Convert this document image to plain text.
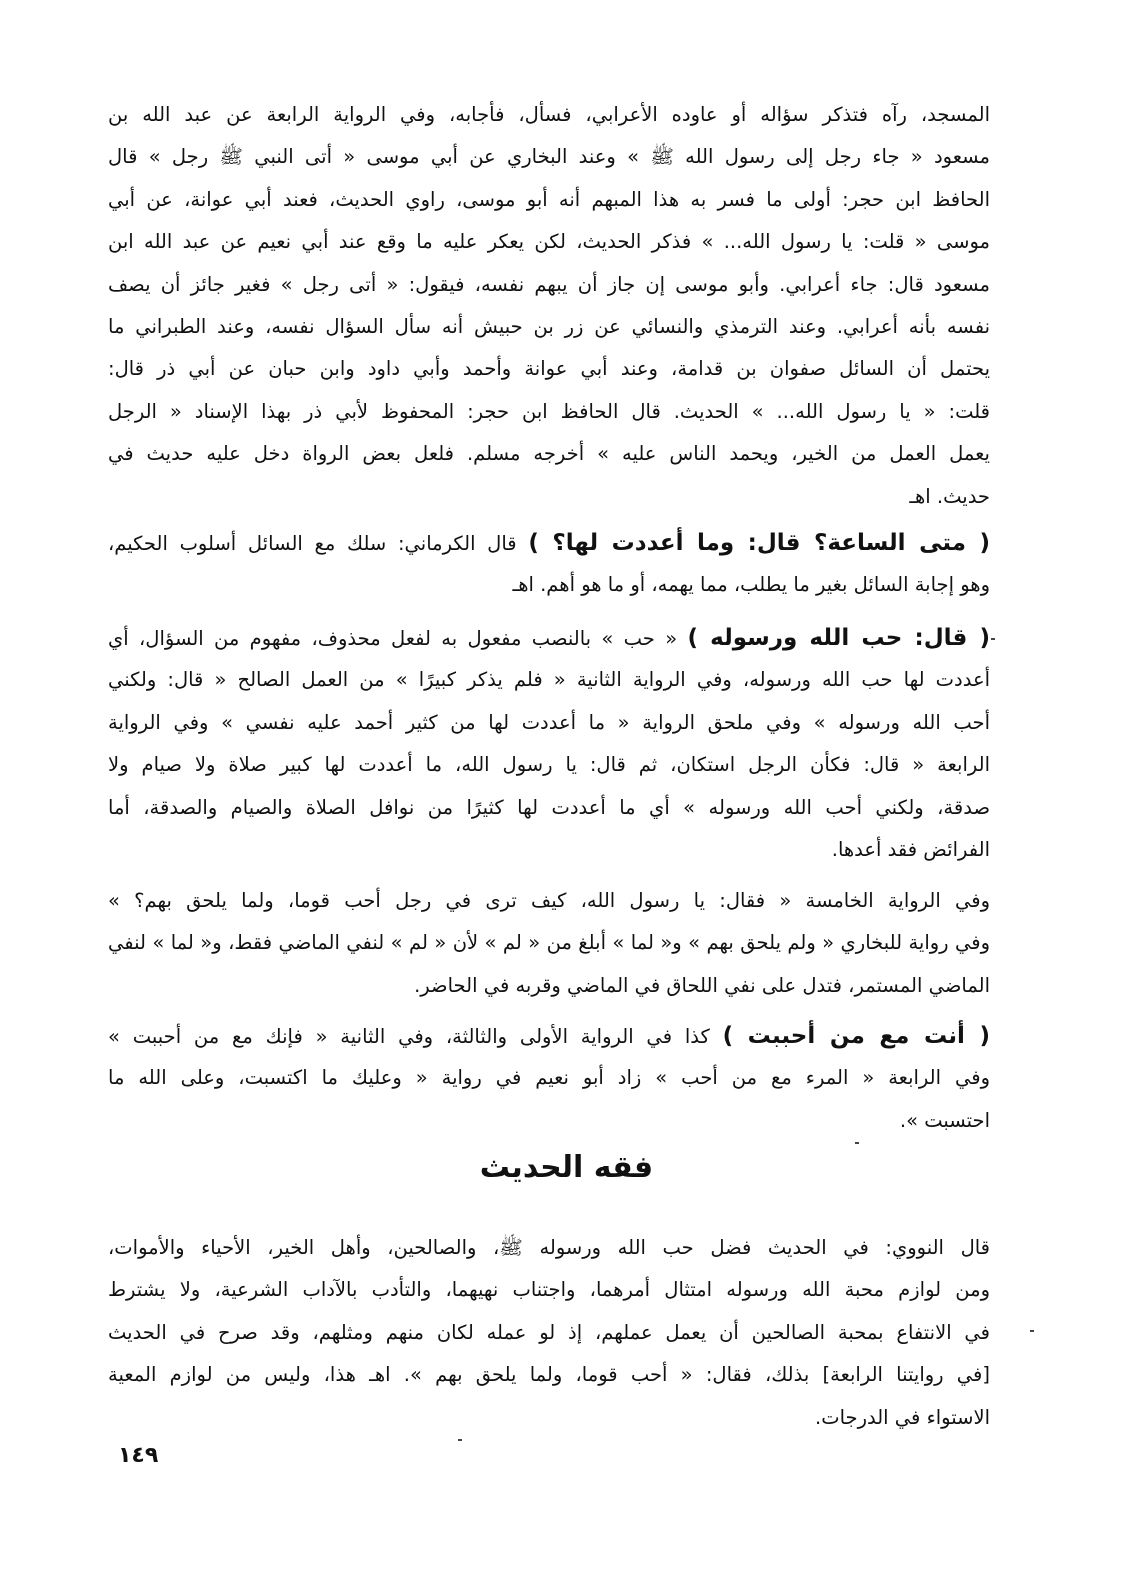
المسجد، رآه فتذكر سؤاله أو عاوده الأعرابي، فسأل، فأجابه، وفي الرواية الرابعة عن عبد الله بن
مسعود « جاء رجل إلى رسول الله ﷺ » وعند البخاري عن أبي موسى « أتى النبي ﷺ رجل » قال
الحافظ ابن حجر: أولى ما فسر به هذا المبهم أنه أبو موسى، راوي الحديث، فعند أبي عوانة، عن أبي
موسى « قلت: يا رسول الله... » فذكر الحديث، لكن يعكر عليه ما وقع عند أبي نعيم عن عبد الله ابن
مسعود قال: جاء أعرابي. وأبو موسى إن جاز أن يبهم نفسه، فيقول: « أتى رجل » فغير جائز أن يصف
نفسه بأنه أعرابي. وعند الترمذي والنسائي عن زر بن حبيش أنه سأل السؤال نفسه، وعند الطبراني ما
يحتمل أن السائل صفوان بن قدامة، وعند أبي عوانة وأحمد وأبي داود وابن حبان عن أبي ذر قال:
قلت: « يا رسول الله... » الحديث. قال الحافظ ابن حجر: المحفوظ لأبي ذر بهذا الإسناد « الرجل
يعمل العمل من الخير، ويحمد الناس عليه » أخرجه مسلم. فلعل بعض الرواة دخل عليه حديث في
حديث. اهـ
( متى الساعة؟ قال: وما أعددت لها؟ ) قال الكرماني: سلك مع السائل أسلوب الحكيم،
وهو إجابة السائل بغير ما يطلب، مما يهمه، أو ما هو أهم. اهـ
( قال: حب الله ورسوله ) « حب » بالنصب مفعول به لفعل محذوف، مفهوم من السؤال، أي
أعددت لها حب الله ورسوله، وفي الرواية الثانية « فلم يذكر كبيرًا » من العمل الصالح « قال: ولكني
أحب الله ورسوله » وفي ملحق الرواية « ما أعددت لها من كثير أحمد عليه نفسي » وفي الرواية
الرابعة « قال: فكأن الرجل استكان، ثم قال: يا رسول الله، ما أعددت لها كبير صلاة ولا صيام ولا
صدقة، ولكني أحب الله ورسوله » أي ما أعددت لها كثيرًا من نوافل الصلاة والصيام والصدقة، أما
الفرائض فقد أعدها.
وفي الرواية الخامسة « فقال: يا رسول الله، كيف ترى في رجل أحب قوما، ولما يلحق بهم؟ »
وفي رواية للبخاري « ولم يلحق بهم » و« لما » أبلغ من « لم » لأن « لم » لنفي الماضي فقط، و« لما » لنفي
الماضي المستمر، فتدل على نفي اللحاق في الماضي وقربه في الحاضر.
( أنت مع من أحببت ) كذا في الرواية الأولى والثالثة، وفي الثانية « فإنك مع من أحببت »
وفي الرابعة « المرء مع من أحب » زاد أبو نعيم في رواية « وعليك ما اكتسبت، وعلى الله ما
احتسبت ».
فقه الحديث
قال النووي: في الحديث فضل حب الله ورسوله ﷺ، والصالحين، وأهل الخير، الأحياء والأموات،
ومن لوازم محبة الله ورسوله امتثال أمرهما، واجتناب نهيهما، والتأدب بالآداب الشرعية، ولا يشترط
في الانتفاع بمحبة الصالحين أن يعمل عملهم، إذ لو عمله لكان منهم ومثلهم، وقد صرح في الحديث
[في روايتنا الرابعة] بذلك، فقال: « أحب قوما، ولما يلحق بهم ». اهـ هذا، وليس من لوازم المعية
الاستواء في الدرجات.
١٤٩
